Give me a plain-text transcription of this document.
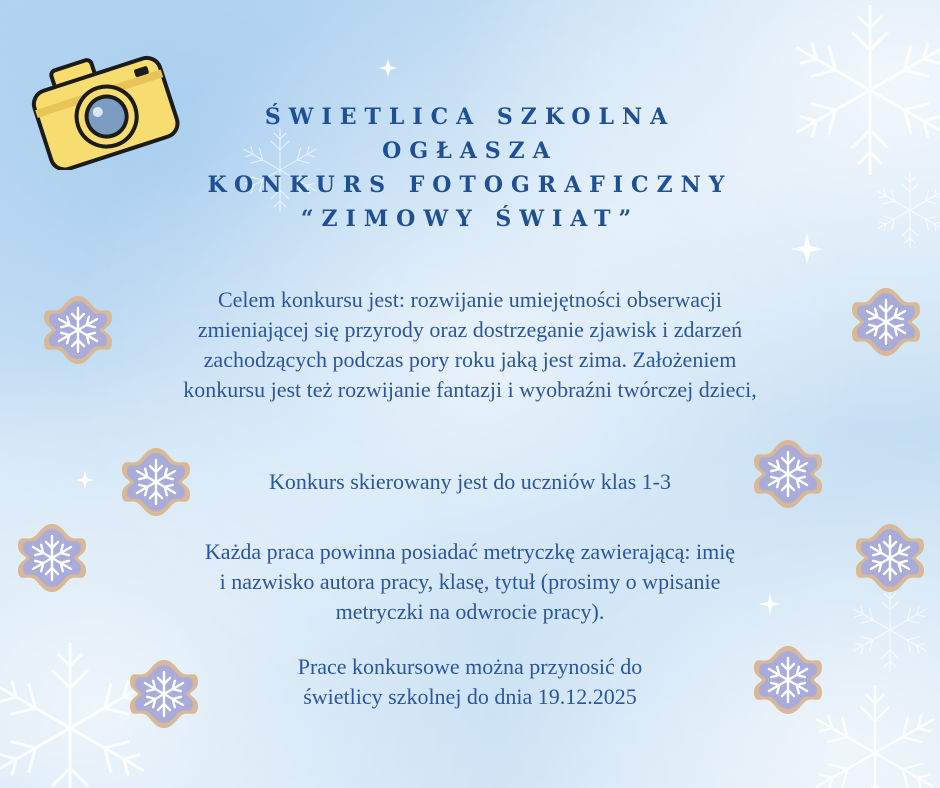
ŚWIETLICA SZKOLNA
OGŁASZA
KONKURS FOTOGRAFICZNY
“ZIMOWY ŚWIAT”
Celem konkursu jest: rozwijanie umiejętności obserwacji
zmieniającej się przyrody oraz dostrzeganie zjawisk i zdarzeń
zachodzących podczas pory roku jaką jest zima. Założeniem
konkursu jest też rozwijanie fantazji i wyobraźni twórczej dzieci,
Konkurs skierowany jest do uczniów klas 1-3
Każda praca powinna posiadać metryczkę zawierającą: imię
i nazwisko autora pracy, klasę, tytuł (prosimy o wpisanie
metryczki na odwrocie pracy).
Prace konkursowe można przynosić do
świetlicy szkolnej do dnia 19.12.2025
